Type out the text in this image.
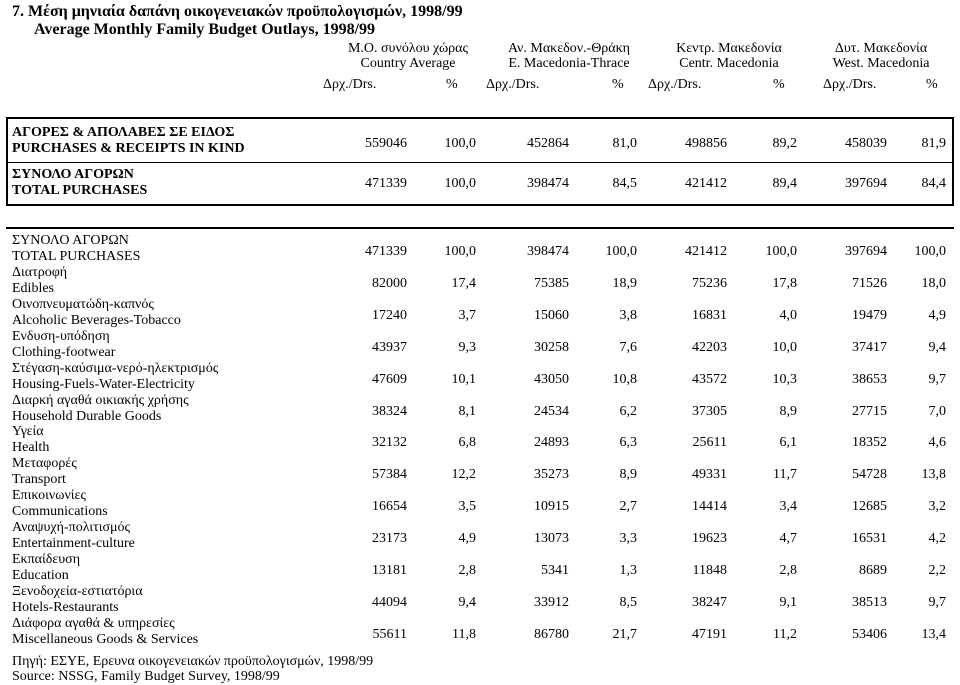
7. Μέση μηνιαία δαπάνη οικογενειακών προϋπολογισμών, 1998/99
Average Monthly Family Budget Outlays, 1998/99
Μ.Ο. συνόλου χώρας
Country Average
Αν. Μακεδον.-Θράκη
E. Macedonia-Thrace
Κεντρ. Μακεδονία
Centr. Macedonia
Δυτ. Μακεδονία
West. Macedonia
Δρχ./Drs.	% Δρχ./Drs.	% Δρχ./Drs.	%	Δρχ./Drs.	%
ΑΓΟΡΕΣ & ΑΠΟΛΑΒΕΣ ΣΕ ΕΙΔΟΣ
PURCHASES & RECEIPTS IN KIND	559046	100,0	452864	81,0	498856	89,2	458039	81,9
ΣΥΝΟΛΟ ΑΓΟΡΩΝ
TOTAL PURCHASES	471339	100,0	398474	84,5	421412	89,4	397694	84,4
ΣΥΝΟΛΟ ΑΓΟΡΩΝ
TOTAL PURCHASES	471339	100,0	398474	100,0	421412	100,0	397694	100,0
Διατροφή
Edibles	82000	17,4	75385	18,9	75236	17,8	71526	18,0
Οινοπνευματώδη-καπνός
Alcoholic Beverages-Tobacco	17240	3,7	15060	3,8	16831	4,0	19479	4,9
Ενδυση-υπόδηση
Clothing-footwear	43937	9,3	30258	7,6	42203	10,0	37417	9,4
Στέγαση-καύσιμα-νερό-ηλεκτρισμός
Housing-Fuels-Water-Electricity	47609	10,1	43050	10,8	43572	10,3	38653	9,7
Διαρκή αγαθά οικιακής χρήσης
Household Durable Goods	38324	8,1	24534	6,2	37305	8,9	27715	7,0
Υγεία
Health	32132	6,8	24893	6,3	25611	6,1	18352	4,6
Μεταφορές
Transport	57384	12,2	35273	8,9	49331	11,7	54728	13,8
Επικοινωνίες
Communications	16654	3,5	10915	2,7	14414	3,4	12685	3,2
Αναψυχή-πολιτισμός
Entertainment-culture	23173	4,9	13073	3,3	19623	4,7	16531	4,2
Εκπαίδευση
Education	13181	2,8	5341	1,3	11848	2,8	8689	2,2
Ξενοδοχεία-εστιατόρια
Hotels-Restaurants	44094	9,4	33912	8,5	38247	9,1	38513	9,7
Διάφορα αγαθά & υπηρεσίες
Miscellaneous Goods & Services	55611	11,8	86780	21,7	47191	11,2	53406	13,4
Πηγή: ΕΣΥΕ, Ερευνα οικογενειακών προϋπολογισμών, 1998/99
Source: NSSG, Family Budget Survey, 1998/99
